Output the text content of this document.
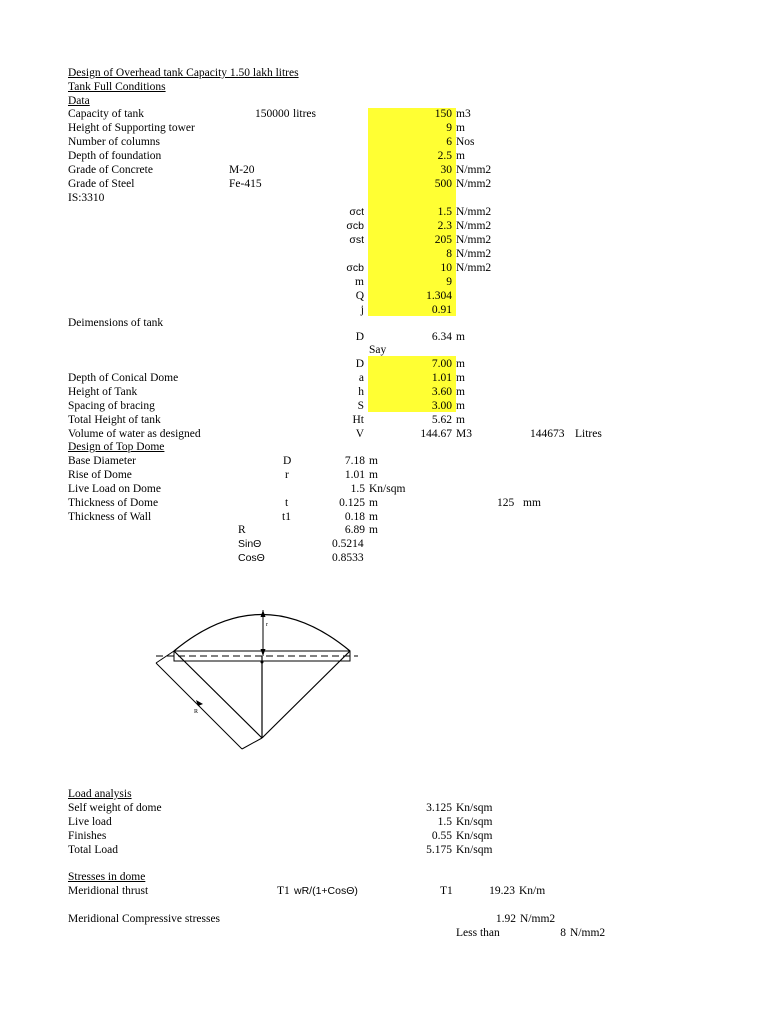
Design of Overhead tank Capacity 1.50 lakh litres
Tank Full Conditions
Data
Capacity of tank	150000 litres	150 m3
Height of Supporting tower	9 m
Number of columns	6 Nos
Depth of foundation	2.5 m
Grade of Concrete	M-20	30 N/mm2
Grade of Steel	Fe-415	500 N/mm2
IS:3310
σct	1.5 N/mm2
σcb	2.3 N/mm2
σst	205 N/mm2
8 N/mm2
σcb	10 N/mm2
m	9
Q	1.304
j	0.91
Deimensions of tank
D	6.34 m
Say
D	7.00 m
Depth of Conical Dome	a	1.01 m
Height of Tank	h	3.60 m
Spacing of bracing	S	3.00 m
Total Height of tank	Ht	5.62 m
Volume of water as designed	V	144.67 M3	144673 Litres
Design of Top Dome
Base Diameter	D	7.18 m
Rise of Dome	r	1.01 m
Live Load on Dome	1.5 Kn/sqm
Thickness of Dome	t	0.125 m	125 mm
Thickness of Wall	t1	0.18 m
R	6.89 m
SinΘ	0.5214
CosΘ	0.8533
r
R
Load analysis
Self weight of dome	3.125 Kn/sqm
Live load	1.5 Kn/sqm
Finishes	0.55 Kn/sqm
Total Load	5.175 Kn/sqm
Stresses in dome
Meridional thrust	T1 wR/(1+CosΘ)	T1	19.23 Kn/m
Meridional Compressive stresses	1.92 N/mm2
Less than	8 N/mm2
